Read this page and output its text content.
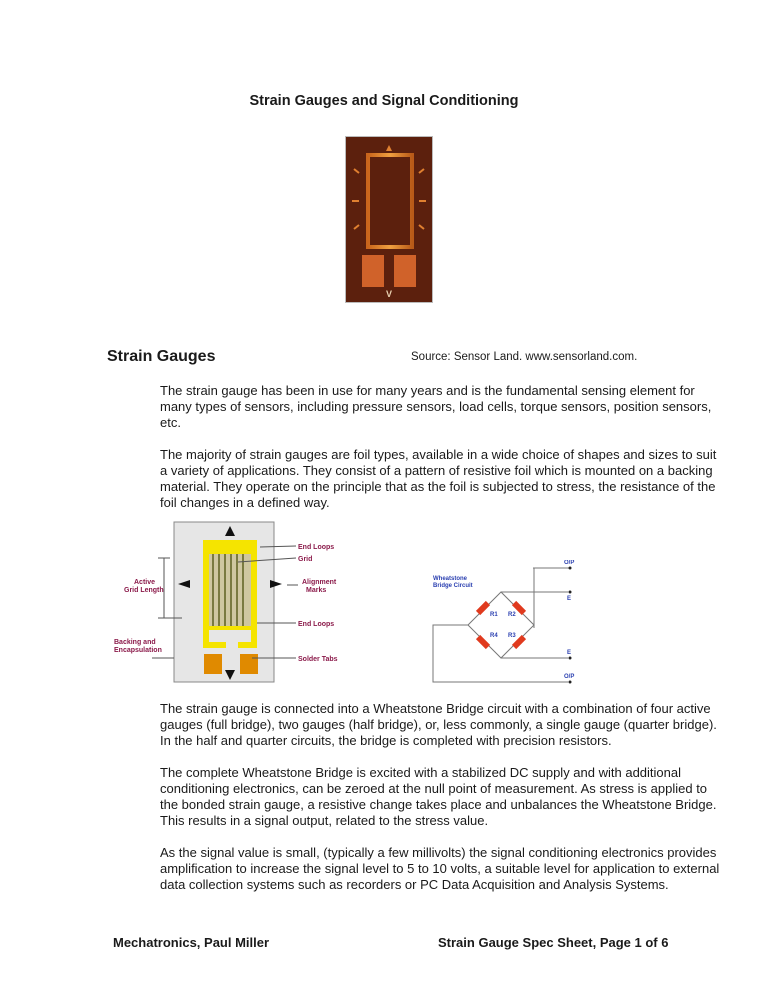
Strain Gauges and Signal Conditioning
V
Strain Gauges	Source: Sensor Land. www.sensorland.com.

The strain gauge has been in use for many years and is the fundamental sensing element for many types of sensors, including pressure sensors, load cells, torque sensors, position sensors, etc.

The majority of strain gauges are foil types, available in a wide choice of shapes and sizes to suit a variety of applications. They consist of a pattern of resistive foil which is mounted on a backing material. They operate on the principle that as the foil is subjected to stress, the resistance of the foil changes in a defined way.

End Loops
Grid
Active
Grid Length
Alignment
Marks
End Loops
Backing and
Encapsulation
Solder Tabs
Wheatstone
Bridge Circuit
R1 R2
R3
R4
O/P
E
E
O/P

The strain gauge is connected into a Wheatstone Bridge circuit with a combination of four active gauges (full bridge), two gauges (half bridge), or, less commonly, a single gauge (quarter bridge). In the half and quarter circuits, the bridge is completed with precision resistors.

The complete Wheatstone Bridge is excited with a stabilized DC supply and with additional conditioning electronics, can be zeroed at the null point of measurement. As stress is applied to the bonded strain gauge, a resistive change takes place and unbalances the Wheatstone Bridge. This results in a signal output, related to the stress value.

As the signal value is small, (typically a few millivolts) the signal conditioning electronics provides amplification to increase the signal level to 5 to 10 volts, a suitable level for application to external data collection systems such as recorders or PC Data Acquisition and Analysis Systems.

Mechatronics, Paul Miller	Strain Gauge Spec Sheet, Page 1 of 6
